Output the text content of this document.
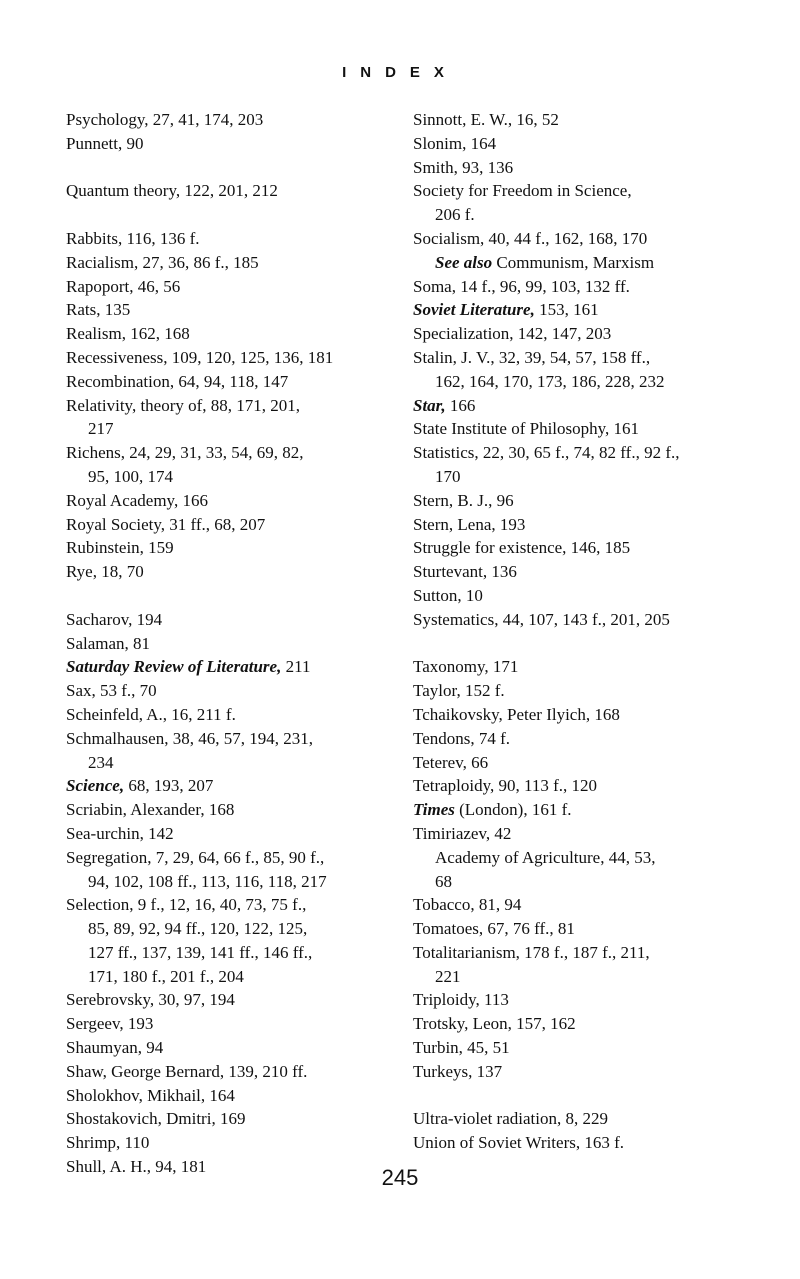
INDEX
Psychology, 27, 41, 174, 203
Punnett, 90
Quantum theory, 122, 201, 212
Rabbits, 116, 136 f.
Racialism, 27, 36, 86 f., 185
Rapoport, 46, 56
Rats, 135
Realism, 162, 168
Recessiveness, 109, 120, 125, 136, 181
Recombination, 64, 94, 118, 147
Relativity, theory of, 88, 171, 201,
217
Richens, 24, 29, 31, 33, 54, 69, 82,
95, 100, 174
Royal Academy, 166
Royal Society, 31 ff., 68, 207
Rubinstein, 159
Rye, 18, 70
Sacharov, 194
Salaman, 81
Saturday Review of Literature, 211
Sax, 53 f., 70
Scheinfeld, A., 16, 211 f.
Schmalhausen, 38, 46, 57, 194, 231,
234
Science, 68, 193, 207
Scriabin, Alexander, 168
Sea-urchin, 142
Segregation, 7, 29, 64, 66 f., 85, 90 f.,
94, 102, 108 ff., 113, 116, 118, 217
Selection, 9 f., 12, 16, 40, 73, 75 f.,
85, 89, 92, 94 ff., 120, 122, 125,
127 ff., 137, 139, 141 ff., 146 ff.,
171, 180 f., 201 f., 204
Serebrovsky, 30, 97, 194
Sergeev, 193
Shaumyan, 94
Shaw, George Bernard, 139, 210 ff.
Sholokhov, Mikhail, 164
Shostakovich, Dmitri, 169
Shrimp, 110
Shull, A. H., 94, 181
Sinnott, E. W., 16, 52
Slonim, 164
Smith, 93, 136
Society for Freedom in Science,
206 f.
Socialism, 40, 44 f., 162, 168, 170
See also Communism, Marxism
Soma, 14 f., 96, 99, 103, 132 ff.
Soviet Literature, 153, 161
Specialization, 142, 147, 203
Stalin, J. V., 32, 39, 54, 57, 158 ff.,
162, 164, 170, 173, 186, 228, 232
Star, 166
State Institute of Philosophy, 161
Statistics, 22, 30, 65 f., 74, 82 ff., 92 f.,
170
Stern, B. J., 96
Stern, Lena, 193
Struggle for existence, 146, 185
Sturtevant, 136
Sutton, 10
Systematics, 44, 107, 143 f., 201, 205
Taxonomy, 171
Taylor, 152 f.
Tchaikovsky, Peter Ilyich, 168
Tendons, 74 f.
Teterev, 66
Tetraploidy, 90, 113 f., 120
Times (London), 161 f.
Timiriazev, 42
Academy of Agriculture, 44, 53,
68
Tobacco, 81, 94
Tomatoes, 67, 76 ff., 81
Totalitarianism, 178 f., 187 f., 211,
221
Triploidy, 113
Trotsky, Leon, 157, 162
Turbin, 45, 51
Turkeys, 137
Ultra-violet radiation, 8, 229
Union of Soviet Writers, 163 f.
245
